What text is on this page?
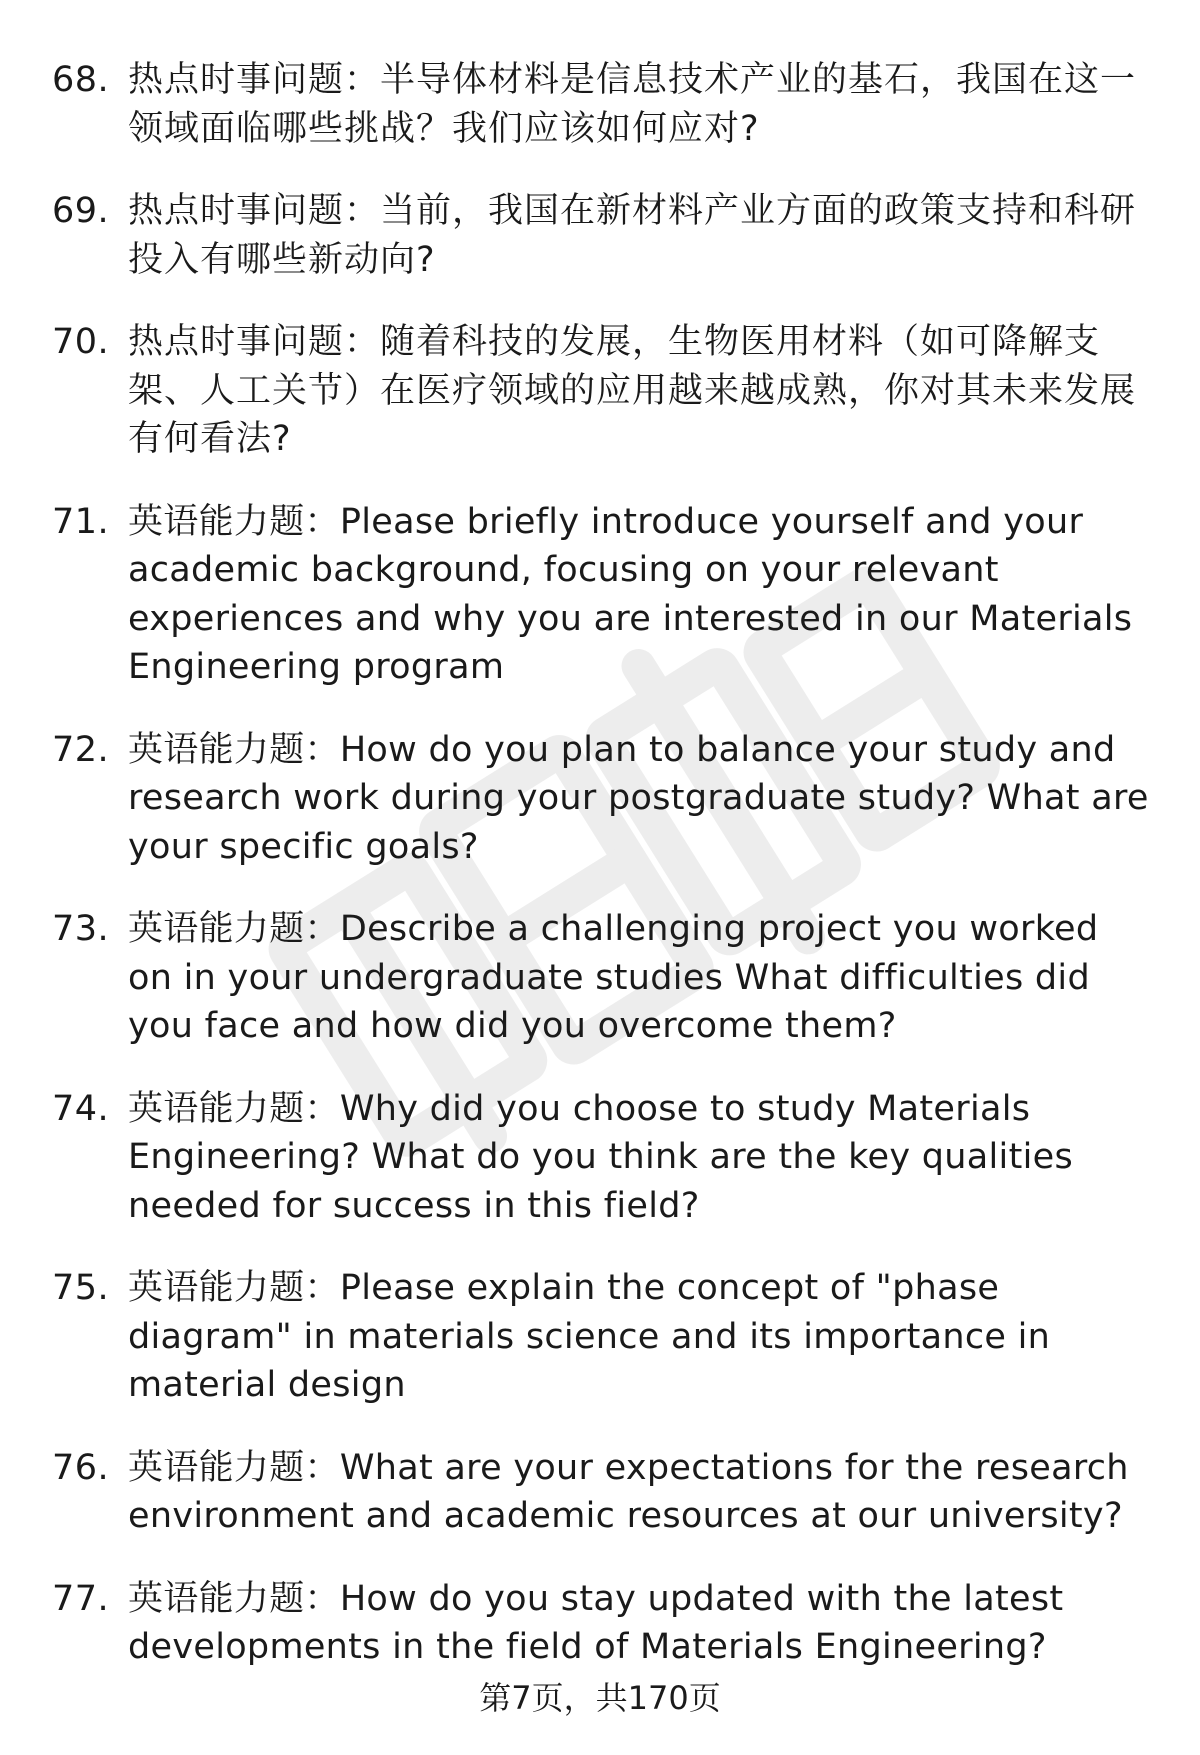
68. 热点时事问题：半导体材料是信息技术产业的基石，我国在这一领域面临哪些挑战？我们应该如何应对?
69. 热点时事问题：当前，我国在新材料产业方面的政策支持和科研投入有哪些新动向?
70. 热点时事问题：随着科技的发展，生物医用材料（如可降解支架、人工关节）在医疗领域的应用越来越成熟，你对其未来发展有何看法?
71. 英语能力题：Please briefly introduce yourself and your academic background, focusing on your relevant experiences and why you are interested in our Materials Engineering program
72. 英语能力题：How do you plan to balance your study and research work during your postgraduate study? What are your specific goals?
73. 英语能力题：Describe a challenging project you worked on in your undergraduate studies What difficulties did you face and how did you overcome them?
74. 英语能力题：Why did you choose to study Materials Engineering? What do you think are the key qualities needed for success in this field?
75. 英语能力题：Please explain the concept of "phase diagram" in materials science and its importance in material design
76. 英语能力题：What are your expectations for the research environment and academic resources at our university?
77. 英语能力题：How do you stay updated with the latest developments in the field of Materials Engineering?
第7页，共170页
